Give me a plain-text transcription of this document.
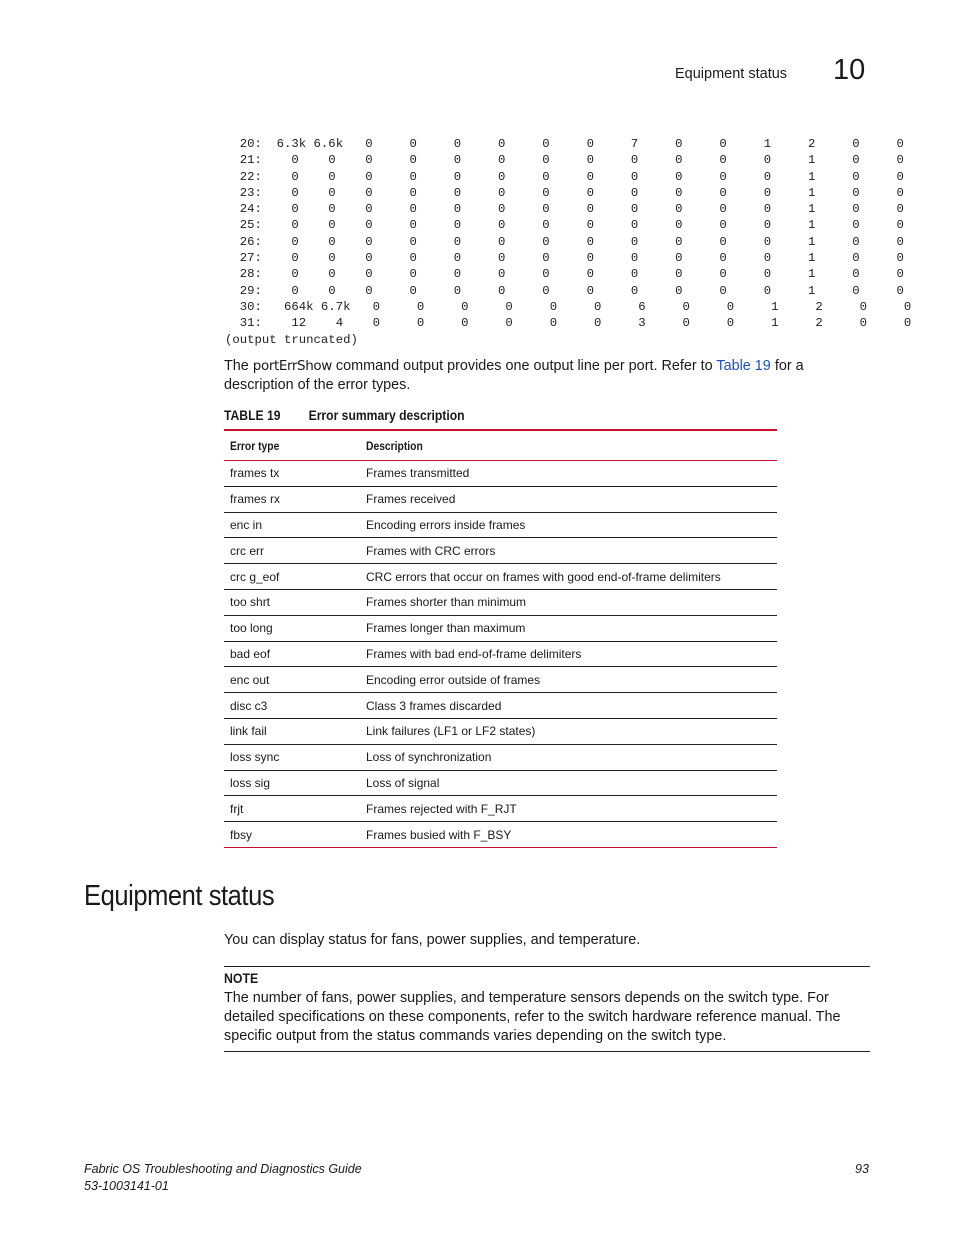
Equipment status 10
20:  6.3k 6.6k   0     0     0     0     0     0     7     0     0     1     2     0     0
21:    0    0    0     0     0     0     0     0     0     0     0     0     1     0     0
22:    0    0    0     0     0     0     0     0     0     0     0     0     1     0     0
23:    0    0    0     0     0     0     0     0     0     0     0     0     1     0     0
24:    0    0    0     0     0     0     0     0     0     0     0     0     1     0     0
25:    0    0    0     0     0     0     0     0     0     0     0     0     1     0     0
26:    0    0    0     0     0     0     0     0     0     0     0     0     1     0     0
27:    0    0    0     0     0     0     0     0     0     0     0     0     1     0     0
28:    0    0    0     0     0     0     0     0     0     0     0     0     1     0     0
29:    0    0    0     0     0     0     0     0     0     0     0     0     1     0     0
30:   664k 6.7k   0     0     0     0     0     0     6     0     0     1     2     0     0
31:    12    4    0     0     0     0     0     0     3     0     0     1     2     0     0
(output truncated)
The portErrShow command output provides one output line per port. Refer to Table 19 for a description of the error types.
TABLE 19 Error summary description
Error type	Description
frames tx	Frames transmitted
frames rx	Frames received
enc in	Encoding errors inside frames
crc err	Frames with CRC errors
crc g_eof	CRC errors that occur on frames with good end-of-frame delimiters
too shrt	Frames shorter than minimum
too long	Frames longer than maximum
bad eof	Frames with bad end-of-frame delimiters
enc out	Encoding error outside of frames
disc c3	Class 3 frames discarded
link fail	Link failures (LF1 or LF2 states)
loss sync	Loss of synchronization
loss sig	Loss of signal
frjt	Frames rejected with F_RJT
fbsy	Frames busied with F_BSY
Equipment status
You can display status for fans, power supplies, and temperature.
NOTE
The number of fans, power supplies, and temperature sensors depends on the switch type. For detailed specifications on these components, refer to the switch hardware reference manual. The specific output from the status commands varies depending on the switch type.
Fabric OS Troubleshooting and Diagnostics Guide
53-1003141-01
93
